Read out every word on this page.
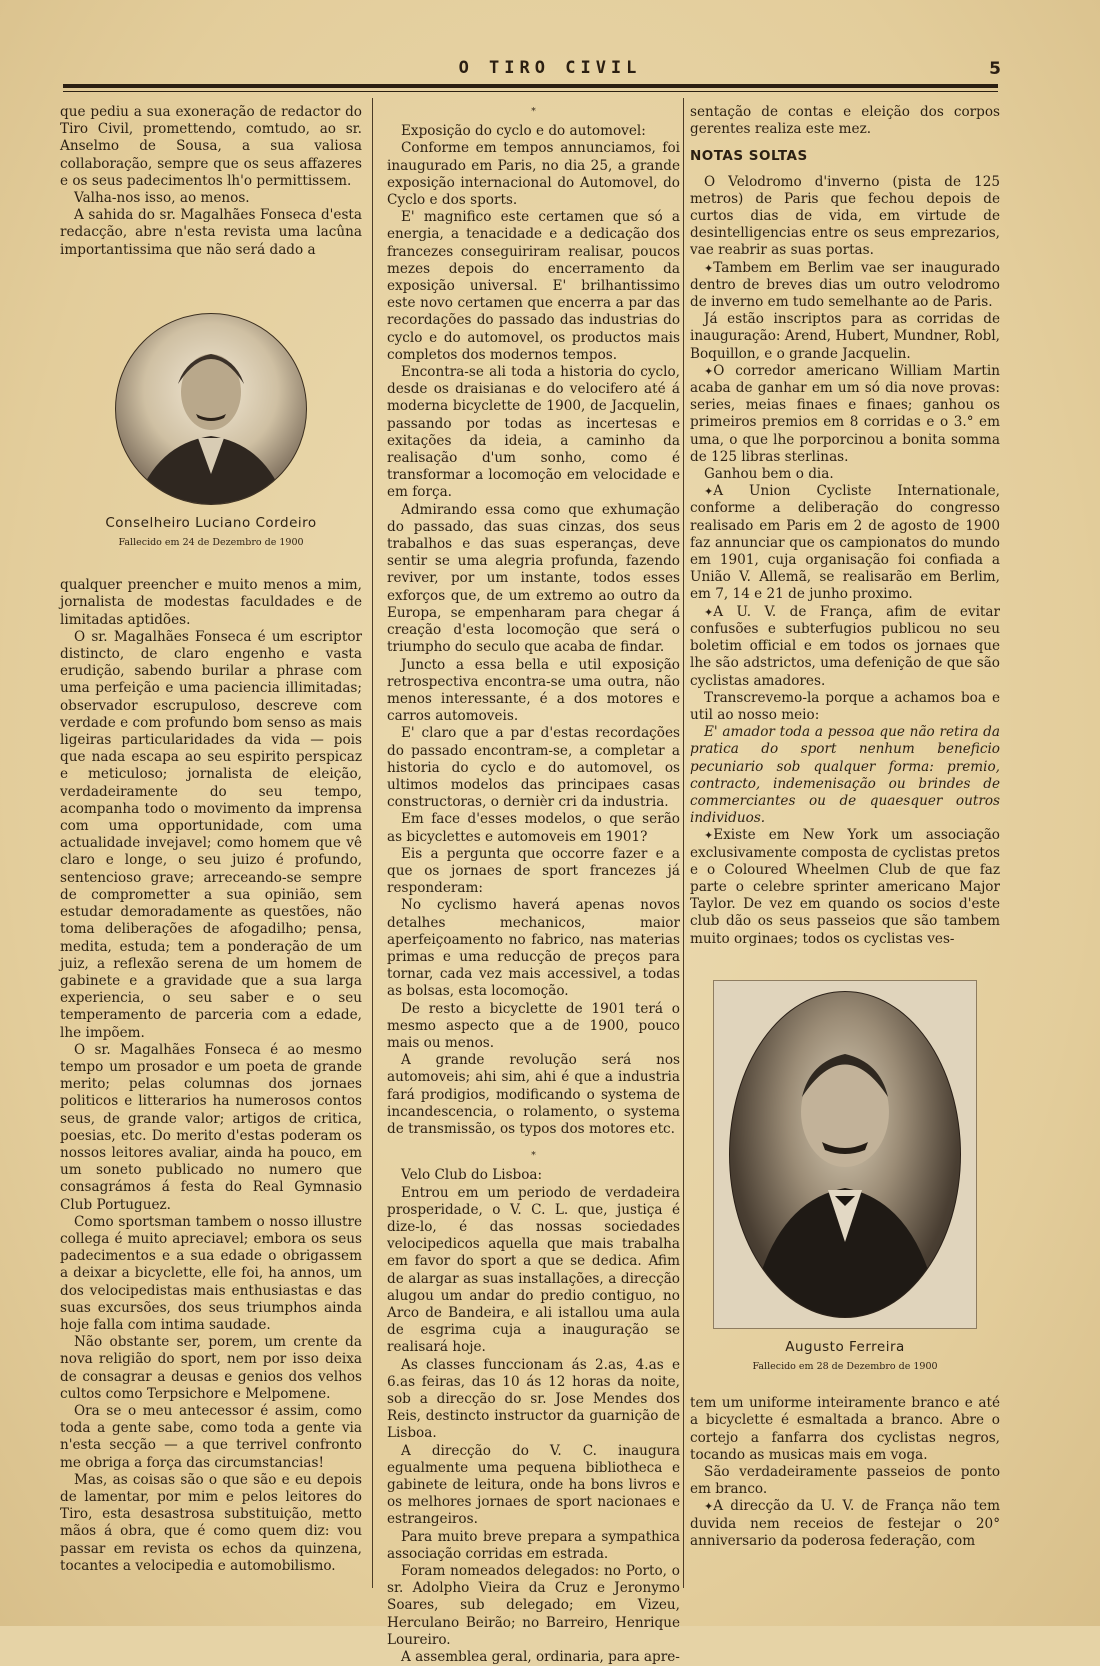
O TIRO CIVIL	5

que pediu a sua exoneração de redactor do Tiro Civil, promettendo, comtudo, ao sr. Anselmo de Sousa, a sua valiosa collaboração, sempre que os seus affazeres e os seus padecimentos lh'o permittissem.

Valha-nos isso, ao menos.

A sahida do sr. Magalhães Fonseca d'esta redacção, abre n'esta revista uma lacûna importantissima que não será dado a

Conselheiro Luciano Cordeiro
Fallecido em 24 de Dezembro de 1900

qualquer preencher e muito menos a mim, jornalista de modestas faculdades e de limitadas aptidões.

O sr. Magalhães Fonseca é um escriptor distincto, de claro engenho e vasta erudição, sabendo burilar a phrase com uma perfeição e uma paciencia illimitadas; observador escrupuloso, descreve com verdade e com profundo bom senso as mais ligeiras particularidades da vida — pois que nada escapa ao seu espirito perspicaz e meticuloso; jornalista de eleição, verdadeiramente do seu tempo, acompanha todo o movimento da imprensa com uma opportunidade, com uma actualidade invejavel; como homem que vê claro e longe, o seu juizo é profundo, sentencioso grave; arreceando-se sempre de comprometter a sua opinião, sem estudar demoradamente as questões, não toma deliberações de afogadilho; pensa, medita, estuda; tem a ponderação de um juiz, a reflexão serena de um homem de gabinete e a gravidade que a sua larga experiencia, o seu saber e o seu temperamento de parceria com a edade, lhe impõem.

O sr. Magalhães Fonseca é ao mesmo tempo um prosador e um poeta de grande merito; pelas columnas dos jornaes politicos e litterarios ha numerosos contos seus, de grande valor; artigos de critica, poesias, etc. Do merito d'estas poderam os nossos leitores avaliar, ainda ha pouco, em um soneto publicado no numero que consagrámos á festa do Real Gymnasio Club Portuguez.

Como sportsman tambem o nosso illustre collega é muito apreciavel; embora os seus padecimentos e a sua edade o obrigassem a deixar a bicyclette, elle foi, ha annos, um dos velocipedistas mais enthusiastas e das suas excursões, dos seus triumphos ainda hoje falla com intima saudade.

Não obstante ser, porem, um crente da nova religião do sport, nem por isso deixa de consagrar a deusas e genios dos velhos cultos como Terpsichore e Melpomene.

Ora se o meu antecessor é assim, como toda a gente sabe, como toda a gente via n'esta secção — a que terrivel confronto me obriga a força das circumstancias!

Mas, as coisas são o que são e eu depois de lamentar, por mim e pelos leitores do Tiro, esta desastrosa substituição, metto mãos á obra, que é como quem diz: vou passar em revista os echos da quinzena, tocantes a velocipedia e automobilismo.

*

Exposição do cyclo e do automovel:

Conforme em tempos annunciamos, foi inaugurado em Paris, no dia 25, a grande exposição internacional do Automovel, do Cyclo e dos sports.

E' magnifico este certamen que só a energia, a tenacidade e a dedicação dos francezes conseguiriram realisar, poucos mezes depois do encerramento da exposição universal. E' brilhantissimo este novo certamen que encerra a par das recordações do passado das industrias do cyclo e do automovel, os productos mais completos dos modernos tempos.

Encontra-se ali toda a historia do cyclo, desde os draisianas e do velocifero até á moderna bicyclette de 1900, de Jacquelin, passando por todas as incertesas e exitações da ideia, a caminho da realisação d'um sonho, como é transformar a locomoção em velocidade e em força.

Admirando essa como que exhumação do passado, das suas cinzas, dos seus trabalhos e das suas esperanças, deve sentir se uma alegria profunda, fazendo reviver, por um instante, todos esses exforços que, de um extremo ao outro da Europa, se empenharam para chegar á creação d'esta locomoção que será o triumpho do seculo que acaba de findar.

Juncto a essa bella e util exposição retrospectiva encontra-se uma outra, não menos interessante, é a dos motores e carros automoveis.

E' claro que a par d'estas recordações do passado encontram-se, a completar a historia do cyclo e do automovel, os ultimos modelos das principaes casas constructoras, o dernièr cri da industria.

Em face d'esses modelos, o que serão as bicyclettes e automoveis em 1901?

Eis a pergunta que occorre fazer e a que os jornaes de sport francezes já responderam:

No cyclismo haverá apenas novos detalhes mechanicos, maior aperfeiçoamento no fabrico, nas materias primas e uma reducção de preços para tornar, cada vez mais accessivel, a todas as bolsas, esta locomoção.

De resto a bicyclette de 1901 terá o mesmo aspecto que a de 1900, pouco mais ou menos.

A grande revolução será nos automoveis; ahi sim, ahi é que a industria fará prodigios, modificando o systema de incandescencia, o rolamento, o systema de transmissão, os typos dos motores etc.

*

Velo Club do Lisboa:

Entrou em um periodo de verdadeira prosperidade, o V. C. L. que, justiça é dize-lo, é das nossas sociedades velocipedicos aquella que mais trabalha em favor do sport a que se dedica. Afim de alargar as suas installações, a direcção alugou um andar do predio contiguo, no Arco de Bandeira, e ali istallou uma aula de esgrima cuja a inauguração se realisará hoje.

As classes funccionam ás 2.as, 4.as e 6.as feiras, das 10 ás 12 horas da noite, sob a direcção do sr. Jose Mendes dos Reis, destincto instructor da guarnição de Lisboa.

A direcção do V. C. inaugura egualmente uma pequena bibliotheca e gabinete de leitura, onde ha bons livros e os melhores jornaes de sport nacionaes e estrangeiros.

Para muito breve prepara a sympathica associação corridas em estrada.

Foram nomeados delegados: no Porto, o sr. Adolpho Vieira da Cruz e Jeronymo Soares, sub delegado; em Vizeu, Herculano Beirão; no Barreiro, Henrique Loureiro.

A assemblea geral, ordinaria, para apre-

sentação de contas e eleição dos corpos gerentes realiza este mez.

NOTAS SOLTAS

O Velodromo d'inverno (pista de 125 metros) de Paris que fechou depois de curtos dias de vida, em virtude de desintelligencias entre os seus emprezarios, vae reabrir as suas portas.

✦Tambem em Berlim vae ser inaugurado dentro de breves dias um outro velodromo de inverno em tudo semelhante ao de Paris.

Já estão inscriptos para as corridas de inauguração: Arend, Hubert, Mundner, Robl, Boquillon, e o grande Jacquelin.

✦O corredor americano William Martin acaba de ganhar em um só dia nove provas: series, meias finaes e finaes; ganhou os primeiros premios em 8 corridas e o 3.° em uma, o que lhe porporcinou a bonita somma de 125 libras sterlinas.

Ganhou bem o dia.

✦A Union Cycliste Internationale, conforme a deliberação do congresso realisado em Paris em 2 de agosto de 1900 faz annunciar que os campionatos do mundo em 1901, cuja organisação foi confiada a União V. Allemã, se realisarão em Berlim, em 7, 14 e 21 de junho proximo.

✦A U. V. de França, afim de evitar confusões e subterfugios publicou no seu boletim official e em todos os jornaes que lhe são adstrictos, uma defenição de que são cyclistas amadores.

Transcrevemo-la porque a achamos boa e util ao nosso meio:

E' amador toda a pessoa que não retira da pratica do sport nenhum beneficio pecuniario sob qualquer forma: premio, contracto, indemenisação ou brindes de commerciantes ou de quaesquer outros individuos.

✦Existe em New York um associação exclusivamente composta de cyclistas pretos e o Coloured Wheelmen Club de que faz parte o celebre sprinter americano Major Taylor. De vez em quando os socios d'este club dão os seus passeios que são tambem muito orginaes; todos os cyclistas ves-

Augusto Ferreira
Fallecido em 28 de Dezembro de 1900

tem um uniforme inteiramente branco e até a bicyclette é esmaltada a branco. Abre o cortejo a fanfarra dos cyclistas negros, tocando as musicas mais em voga.

São verdadeiramente passeios de ponto em branco.

✦A direcção da U. V. de França não tem duvida nem receios de festejar o 20° anniversario da poderosa federação, com
